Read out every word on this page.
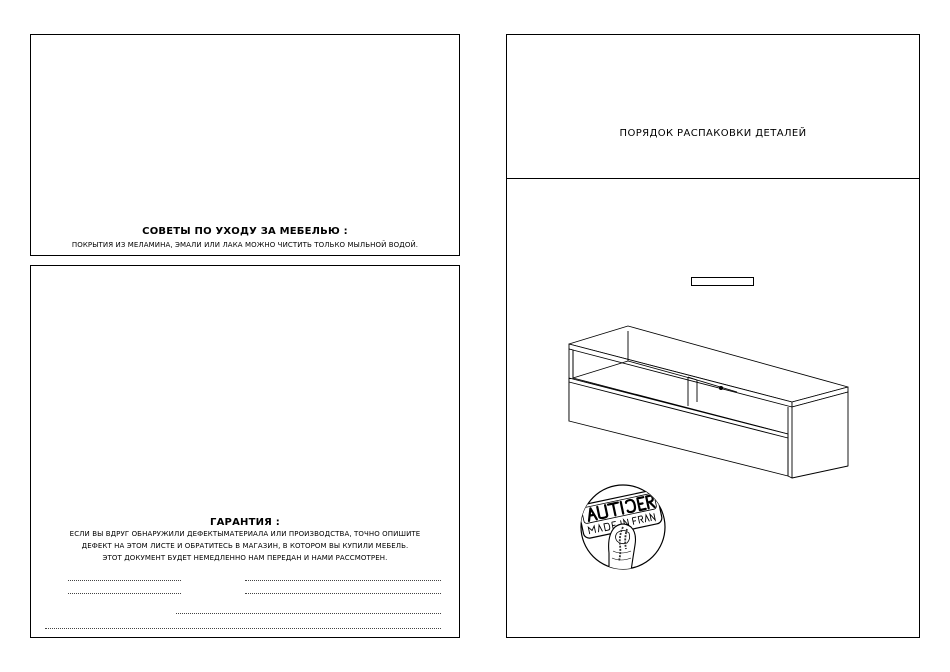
СОВЕТЫ ПО УХОДУ ЗА МЕБЕЛЬЮ :
ПОКРЫТИЯ ИЗ МЕЛАМИНА, ЭМАЛИ ИЛИ ЛАКА МОЖНО ЧИСТИТЬ ТОЛЬКО МЫЛЬНОЙ ВОДОЙ.
ГАРАНТИЯ :
ЕСЛИ ВЫ ВДРУГ ОБНАРУЖИЛИ ДЕФЕКТЫМАТЕРИАЛА ИЛИ ПРОИЗВОДСТВА, ТОЧНО ОПИШИТЕ
ДЕФЕКТ НА ЭТОМ ЛИСТЕ И ОБРАТИТЕСЬ В МАГАЗИН, В КОТОРОМ ВЫ КУПИЛИ МЕБЕЛЬ.
ЭТОТ ДОКУМЕНТ БУДЕТ НЕМЕДЛЕННО НАМ ПЕРЕДАН И НАМИ РАССМОТРЕН.
ПОРЯДОК РАСПАКОВКИ ДЕТАЛЕЙ
